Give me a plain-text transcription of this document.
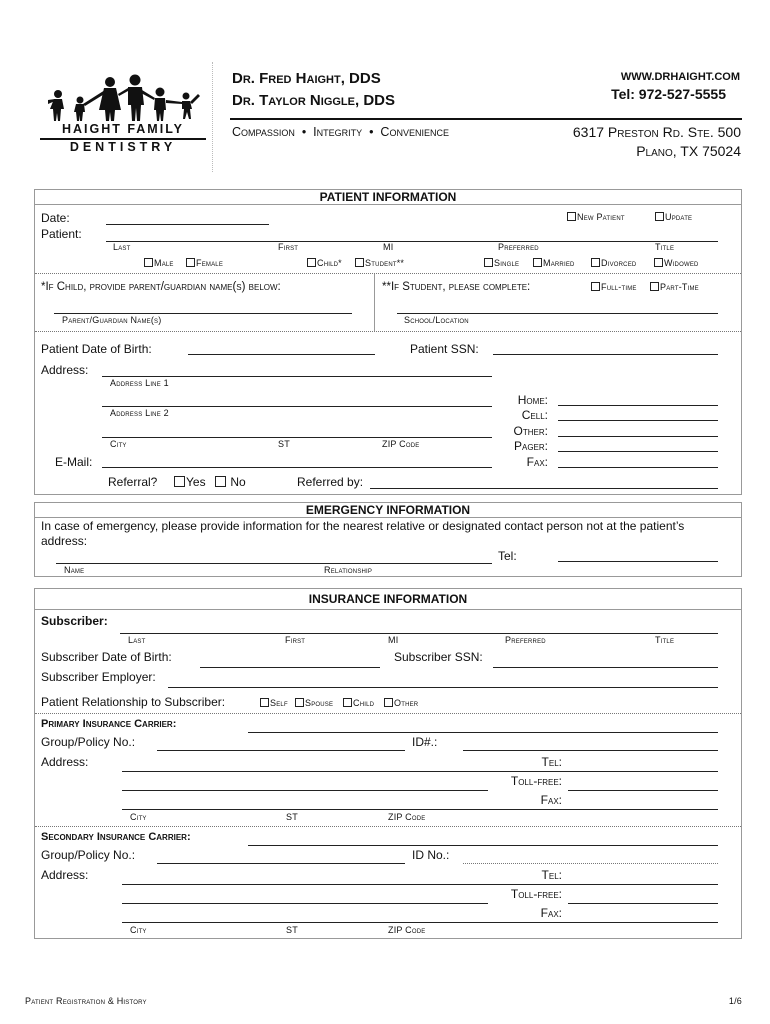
HAIGHT FAMILY
DENTISTRY
Dr. Fred Haight, DDS
Dr. Taylor Niggle, DDS
WWW.DRHAIGHT.COM
Tel: 972-527-5555
Compassion  •  Integrity  •  Convenience	6317 Preston Rd. Ste. 500
Plano, TX 75024
PATIENT INFORMATION
Date:
Patient:
New Patient	Update
Last	First	MI	Preferred	Title
Male	Female	Child*	Student**	Single	Married	Divorced	Widowed
*If Child, provide parent/guardian name(s) below:	**If Student, please complete:	Full-time	Part-Time
Parent/Guardian Name(s)	School/Location
Patient Date of Birth:	Patient SSN:
Address:
Address Line 1
Address Line 2
City	ST	ZIP Code
Home:
Cell:
Other:
Pager:
Fax:
E-Mail:
Referral?	Yes	No	Referred by:
EMERGENCY INFORMATION
In case of emergency, please provide information for the nearest relative or designated contact person not at the patient’s address:
Tel:
Name	Relationship
INSURANCE INFORMATION
Subscriber:
Last	First	MI	Preferred	Title
Subscriber Date of Birth:	Subscriber SSN:
Subscriber Employer:
Patient Relationship to Subscriber:	Self	Spouse	Child	Other
Primary Insurance Carrier:
Group/Policy No.:	ID#.:
Address:	Tel:
Toll-free:
Fax:
City	ST	ZIP Code
Secondary Insurance Carrier:
Group/Policy No.:	ID No.:
Address:	Tel:
Toll-free:
Fax:
City	ST	ZIP Code
Patient Registration & History	1/6
